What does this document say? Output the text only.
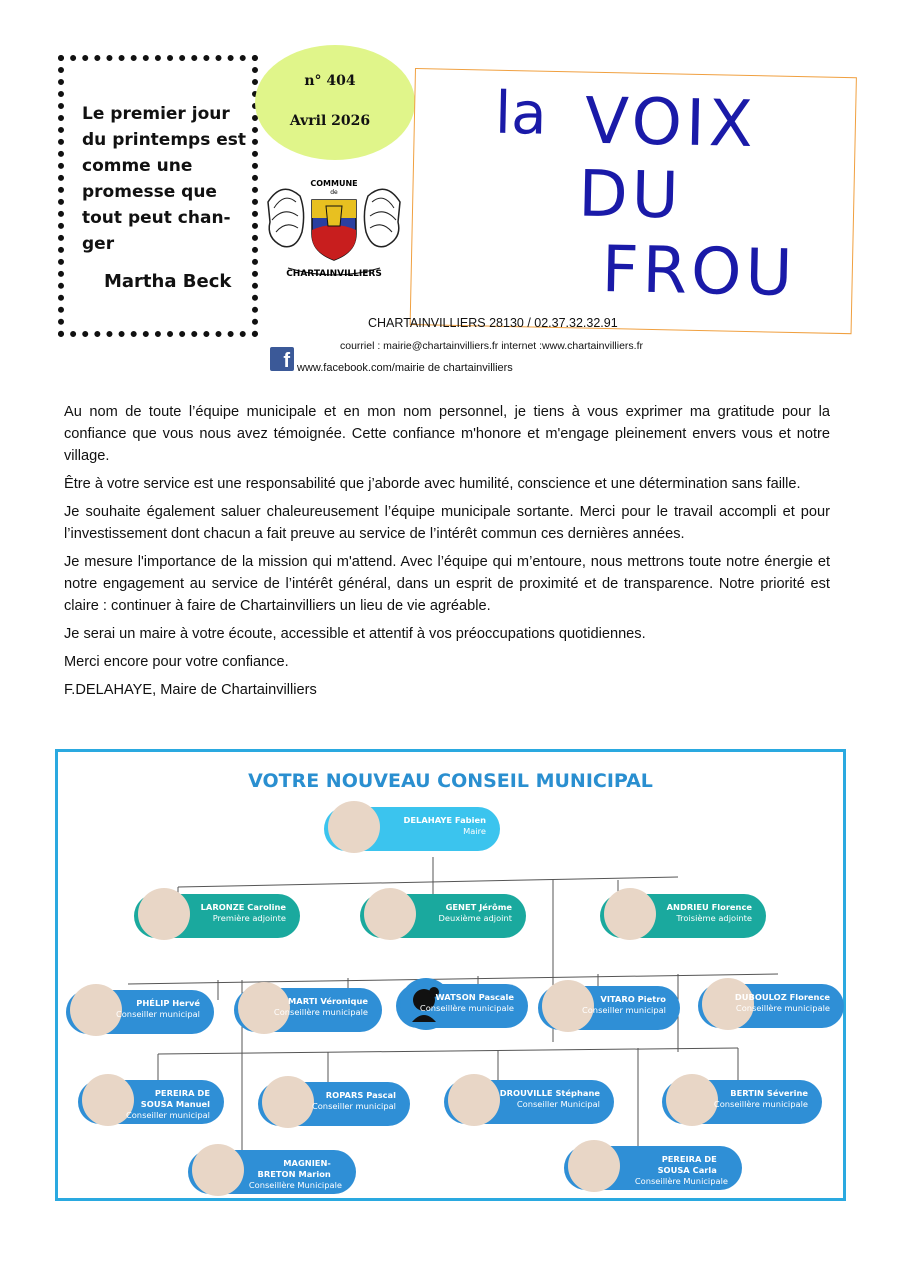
Le premier jour du printemps est comme une promesse que tout peut chan-ger
Martha Beck
n° 404
Avril 2026
COMMUNE
de
CHARTAINVILLIERS
la VOIX
DU
FROU
CHARTAINVILLIERS 28130 / 02.37.32.32.91
courriel : mairie@chartainvilliers.fr internet :www.chartainvilliers.fr
f www.facebook.com/mairie de chartainvilliers

Au nom de toute l’équipe municipale et en mon nom personnel, je tiens à vous exprimer ma gratitude pour la confiance que vous nous avez témoignée. Cette confiance m'honore et m'engage pleinement envers vous et notre village.

Être à votre service est une responsabilité que j’aborde avec humilité, conscience et une détermination sans faille.

Je souhaite également saluer chaleureusement l’équipe municipale sortante. Merci pour le travail accompli et pour l’investissement dont chacun a fait preuve au service de l’intérêt commun ces dernières années.

Je mesure l'importance de la mission qui m'attend. Avec l’équipe qui m’entoure, nous mettrons toute notre énergie et notre engagement au service de l’intérêt général, dans un esprit de proximité et de transparence. Notre priorité est claire : continuer à faire de Chartainvilliers un lieu de vie agréable.

Je serai un maire à votre écoute, accessible et attentif à vos préoccupations quotidiennes.

Merci encore pour votre confiance.

F.DELAHAYE, Maire de Chartainvilliers

VOTRE NOUVEAU CONSEIL MUNICIPAL
DELAHAYE Fabien
Maire
LARONZE Caroline
Première adjointe
GENET Jérôme
Deuxième adjoint
ANDRIEU Florence
Troisième adjointe
PHÉLIP Hervé
Conseiller municipal
MARTI Véronique
Conseillère municipale
WATSON Pascale
Conseillère municipale
VITARO Pietro
Conseiller municipal
DUBOULOZ Florence
Conseillère municipale
PEREIRA DE SOUSA Manuel
Conseiller municipal
ROPARS Pascal
Conseiller municipal
DROUVILLE Stéphane
Conseiller Municipal
BERTIN Séverine
Conseillère municipale
MAGNIEN-BRETON Marion
Conseillère Municipale
PEREIRA DE SOUSA Carla
Conseillère Municipale
